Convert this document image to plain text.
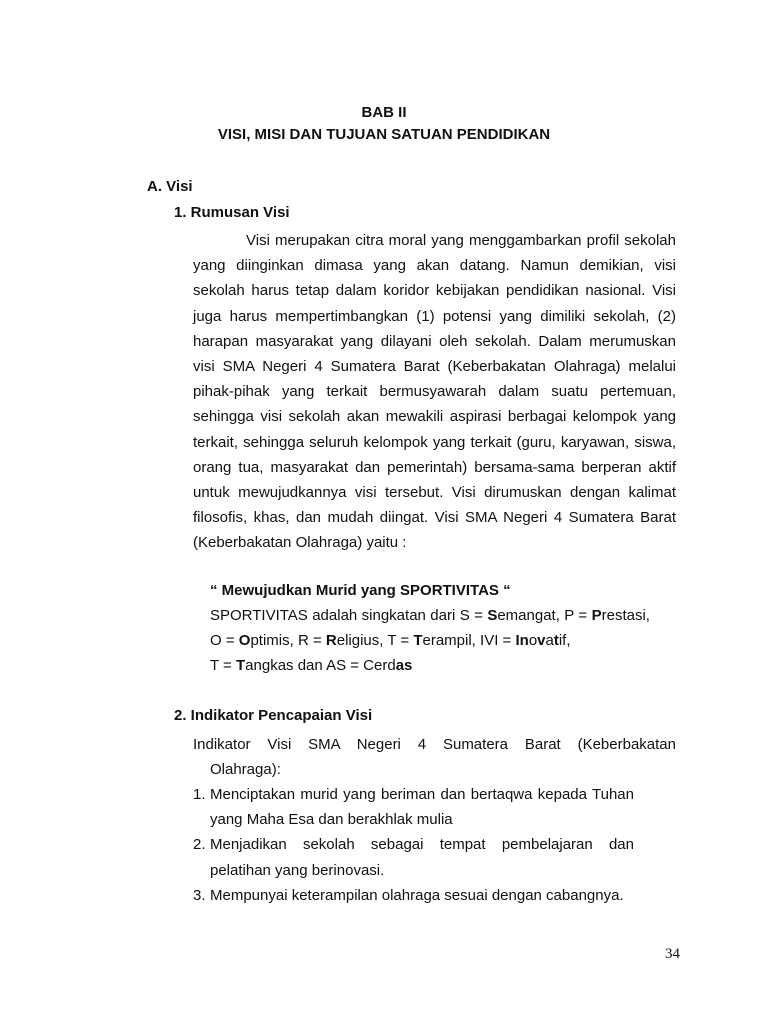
BAB II

VISI, MISI DAN TUJUAN SATUAN PENDIDIKAN

A. Visi

1. Rumusan Visi

Visi merupakan citra moral yang menggambarkan profil sekolah yang diinginkan dimasa yang akan datang. Namun demikian, visi sekolah harus tetap dalam koridor kebijakan pendidikan nasional. Visi juga harus mempertimbangkan (1) potensi yang dimiliki sekolah, (2) harapan masyarakat yang dilayani oleh sekolah. Dalam merumuskan visi SMA Negeri 4 Sumatera Barat (Keberbakatan Olahraga) melalui pihak-pihak yang terkait bermusyawarah dalam suatu pertemuan, sehingga visi sekolah akan mewakili aspirasi berbagai kelompok yang terkait, sehingga seluruh kelompok yang terkait (guru, karyawan, siswa, orang tua, masyarakat dan pemerintah) bersama-sama berperan aktif untuk mewujudkannya visi tersebut. Visi dirumuskan dengan kalimat filosofis, khas, dan mudah diingat. Visi SMA Negeri 4 Sumatera Barat (Keberbakatan Olahraga) yaitu :

“ Mewujudkan Murid yang SPORTIVITAS “

SPORTIVITAS adalah singkatan dari S = Semangat, P = Prestasi, O = Optimis, R = Religius, T = Terampil, IVI = Inovatif,
T = Tangkas dan AS = Cerdas

2. Indikator Pencapaian Visi

Indikator Visi SMA Negeri 4 Sumatera Barat (Keberbakatan
Olahraga):

1. Menciptakan murid yang beriman dan bertaqwa kepada Tuhan yang Maha Esa dan berakhlak mulia
2. Menjadikan sekolah sebagai tempat pembelajaran dan pelatihan yang berinovasi.
3. Mempunyai keterampilan olahraga sesuai dengan cabangnya.

34
